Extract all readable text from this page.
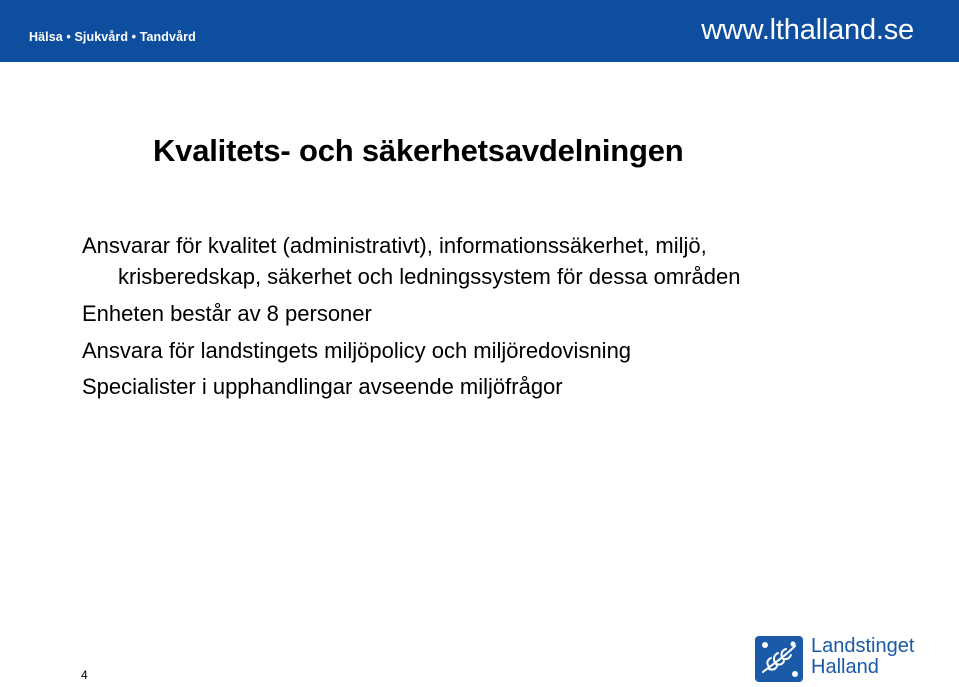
Hälsa • Sjukvård • Tandvård	www.lthalland.se
Kvalitets- och säkerhetsavdelningen

Ansvarar för kvalitet (administrativt), informationssäkerhet, miljö,
krisberedskap, säkerhet och ledningssystem för dessa områden

Enheten består av 8 personer

Ansvara för landstingets miljöpolicy och miljöredovisning

Specialister i upphandlingar avseende miljöfrågor

4
Landstinget
Halland
